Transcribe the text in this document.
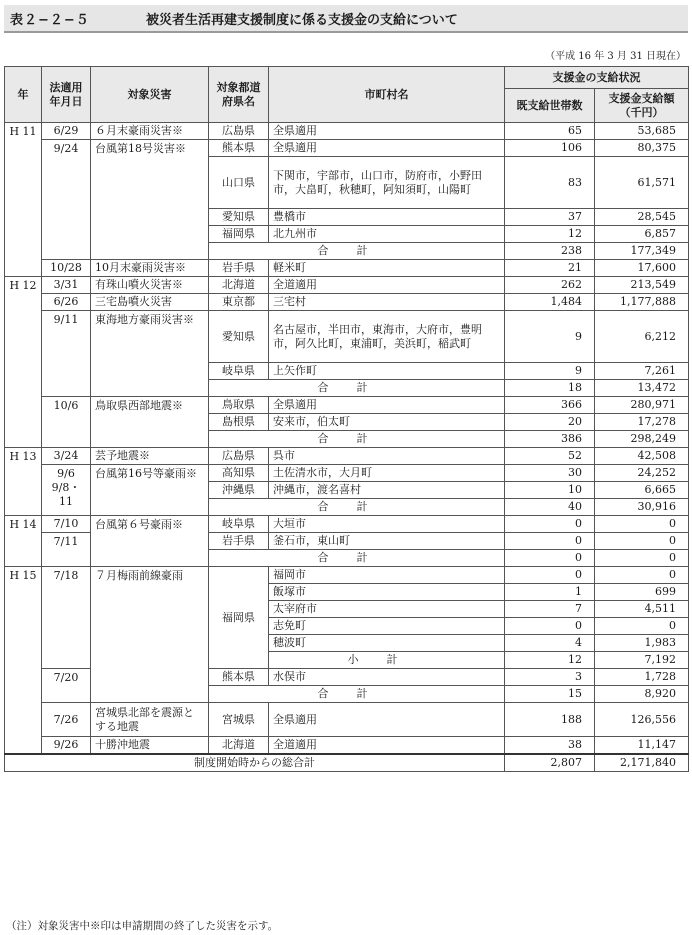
表２−２−５	被災者生活再建支援制度に係る支援金の支給について
（平成 16 年 3 月 31 日現在）
年	法適用年月日	対象災害	対象都道府県名	市町村名	支援金の支給状況	
					既支給世帯数	支援金支給額（千円）
H 11	6/29	６月末豪雨災害※	広島県	全県適用	65	53,685
	9/24	台風第18号災害※	熊本県	全県適用	106	80,375
			山口県	下関市，宇部市，山口市，防府市，小野田市，大畠町，秋穂町，阿知須町，山陽町	83	61,571
			愛知県	豊橋市	37	28,545
			福岡県	北九州市	12	6,857
			合計		238	177,349
	10/28	10月末豪雨災害※	岩手県	軽米町	21	17,600
H 12	3/31	有珠山噴火災害※	北海道	全道適用	262	213,549
	6/26	三宅島噴火災害	東京都	三宅村	1,484	1,177,888
	9/11	東海地方豪雨災害※	愛知県	名古屋市，半田市，東海市，大府市，豊明市，阿久比町，東浦町，美浜町，稲武町	9	6,212
			岐阜県	上矢作町	9	7,261
			合計		18	13,472
	10/6	鳥取県西部地震※	鳥取県	全県適用	366	280,971
			島根県	安来市，伯太町	20	17,278
			合計		386	298,249
H 13	3/24	芸予地震※	広島県	呉市	52	42,508
	9/6 9/8・11	台風第16号等豪雨※	高知県	土佐清水市，大月町	30	24,252
			沖縄県	沖縄市，渡名喜村	10	6,665
			合計		40	30,916
H 14	7/10	台風第６号豪雨※	岐阜県	大垣市	0	0
	7/11		岩手県	釜石市，東山町	0	0
			合計		0	0
H 15	7/18	７月梅雨前線豪雨	福岡県	福岡市	0	0
				飯塚市	1	699
				太宰府市	7	4,511
				志免町	0	0
				穂波町	4	1,983
				小計	12	7,192
	7/20		熊本県	水俣市	3	1,728
			合計		15	8,920
	7/26	宮城県北部を震源とする地震	宮城県	全県適用	188	126,556
	9/26	十勝沖地震	北海道	全道適用	38	11,147
制度開始時からの総合計					2,807	2,171,840
（注）対象災害中※印は申請期間の終了した災害を示す。
